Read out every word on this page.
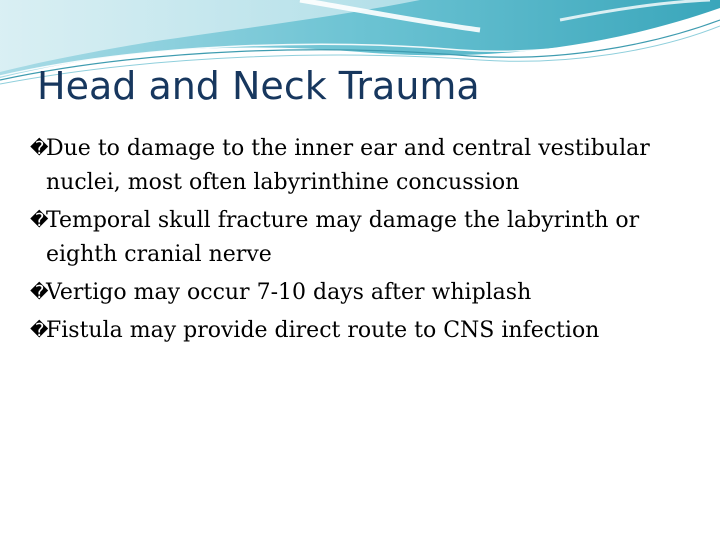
Head and Neck Trauma
�
Due to damage to the inner ear and central vestibular nuclei, most often labyrinthine concussion
�
Temporal skull fracture may damage the labyrinth or eighth cranial nerve
�
Vertigo may occur 7-10 days after whiplash
�
Fistula may provide direct route to CNS infection
